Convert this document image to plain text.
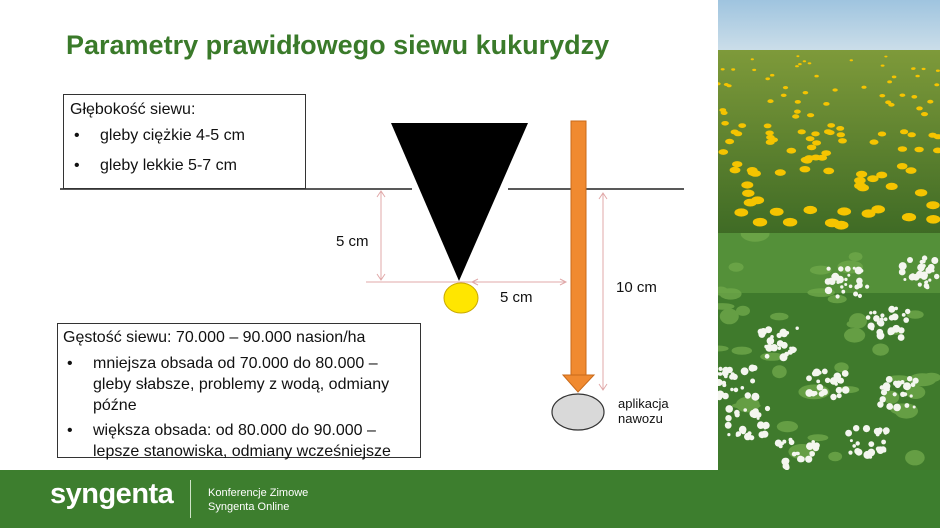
Parametry prawidłowego siewu kukurydzy
5 cm
5 cm
10 cm
aplikacja
nawozu
Głębokość siewu:
• gleby ciężkie 4-5 cm
• gleby lekkie 5-7 cm
Gęstość siewu: 70.000 – 90.000 nasion/ha
• mniejsza obsada od 70.000 do 80.000 – gleby słabsze, problemy z wodą, odmiany późne
• większa obsada: od 80.000 do 90.000 – lepsze stanowiska, odmiany wcześniejsze
syngenta	Konferencje Zimowe
Syngenta Online
